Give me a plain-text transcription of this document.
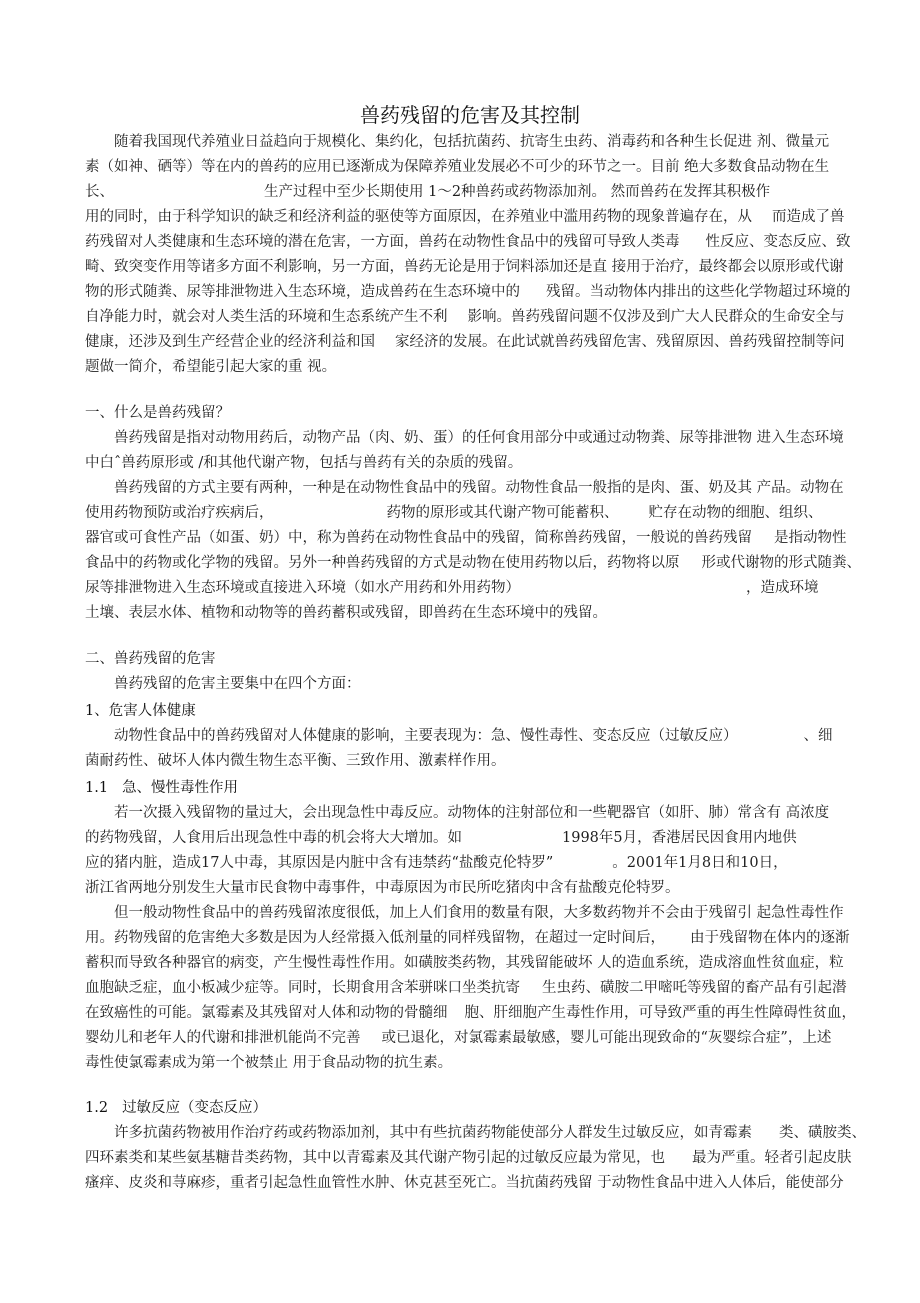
兽药残留的危害及其控制
随着我国现代养殖业日益趋向于规模化、集约化，包括抗菌药、抗寄生虫药、消毒药和各种生长促进 剂、微量元
素（如神、硒等）等在内的兽药的应用已逐渐成为保障养殖业发展必不可少的环节之一。目前 绝大多数食品动物在生
长、	生产过程中至少长期使用 1～2种兽药或药物添加剂。 然而兽药在发挥其积极作
用的同时，由于科学知识的缺乏和经济利益的驱使等方面原因，在养殖业中滥用药物的现象普遍存在，从 而造成了兽
药残留对人类健康和生态环境的潜在危害，一方面，兽药在动物性食品中的残留可导致人类毒 性反应、变态反应、致
畸、致突变作用等诸多方面不利影响，另一方面，兽药无论是用于饲料添加还是直 接用于治疗，最终都会以原形或代谢
物的形式随粪、尿等排泄物进入生态环境，造成兽药在生态环境中的 残留。当动物体内排出的这些化学物超过环境的
自净能力时，就会对人类生活的环境和生态系统产生不利 影响。兽药残留问题不仅涉及到广大人民群众的生命安全与
健康，还涉及到生产经营企业的经济利益和国 家经济的发展。在此试就兽药残留危害、残留原因、兽药残留控制等问
题做一简介，希望能引起大家的重 视。
一、什么是兽药残留？
兽药残留是指对动物用药后，动物产品（肉、奶、蛋）的任何食用部分中或通过动物粪、尿等排泄物 进入生态环境
中白ˆ兽药原形或 /和其他代谢产物，包括与兽药有关的杂质的残留。
兽药残留的方式主要有两种，一种是在动物性食品中的残留。动物性食品一般指的是肉、蛋、奶及其 产品。动物在
使用药物预防或治疗疾病后，	药物的原形或其代谢产物可能蓄积、 贮存在动物的细胞、组织、
器官或可食性产品（如蛋、奶）中，称为兽药在动物性食品中的残留，简称兽药残留，一般说的兽药残留 是指动物性
食品中的药物或化学物的残留。另外一种兽药残留的方式是动物在使用药物以后，药物将以原 形或代谢物的形式随粪、
尿等排泄物进入生态环境或直接进入环境（如水产用药和外用药物）	，造成环境
土壤、表层水体、植物和动物等的兽药蓄积或残留，即兽药在生态环境中的残留。
二、兽药残留的危害
兽药残留的危害主要集中在四个方面：
1、危害人体健康
动物性食品中的兽药残留对人体健康的影响，主要表现为：急、慢性毒性、变态反应（过敏反应）	、细
菌耐药性、破坏人体内微生物生态平衡、三致作用、激素样作用。
1.1 急、慢性毒性作用
若一次摄入残留物的量过大，会出现急性中毒反应。动物体的注射部位和一些靶器官（如肝、肺）常含有 高浓度
的药物残留，人食用后出现急性中毒的机会将大大增加。如	1998年5月，香港居民因食用内地供
应的猪内脏，造成17人中毒，其原因是内脏中含有违禁药“盐酸克伦特罗”	。2001年1月8日和10日，
浙江省两地分别发生大量市民食物中毒事件，中毒原因为市民所吃猪肉中含有盐酸克伦特罗。
但一般动物性食品中的兽药残留浓度很低，加上人们食用的数量有限，大多数药物并不会由于残留引 起急性毒性作
用。药物残留的危害绝大多数是因为人经常摄入低剂量的同样残留物，在超过一定时间后， 由于残留物在体内的逐渐
蓄积而导致各种器官的病变，产生慢性毒性作用。如磺胺类药物，其残留能破坏 人的造血系统，造成溶血性贫血症，粒
血胞缺乏症，血小板减少症等。同时，长期食用含苯骈咪口坐类抗寄 生虫药、磺胺二甲嘧吒等残留的畜产品有引起潜
在致癌性的可能。氯霉素及其残留对人体和动物的骨髓细 胞、肝细胞产生毒性作用，可导致严重的再生性障碍性贫血，
婴幼儿和老年人的代谢和排泄机能尚不完善 或已退化，对氯霉素最敏感，婴儿可能出现致命的“灰婴综合症”，上述
毒性使氯霉素成为第一个被禁止 用于食品动物的抗生素。
1.2 过敏反应（变态反应）
许多抗菌药物被用作治疗药或药物添加剂，其中有些抗菌药物能使部分人群发生过敏反应，如青霉素 类、磺胺类、
四环素类和某些氨基糖昔类药物，其中以青霉素及其代谢产物引起的过敏反应最为常见，也 最为严重。轻者引起皮肤
瘙痒、皮炎和荨麻疹，重者引起急性血管性水肿、休克甚至死亡。当抗菌药残留 于动物性食品中进入人体后，能使部分
